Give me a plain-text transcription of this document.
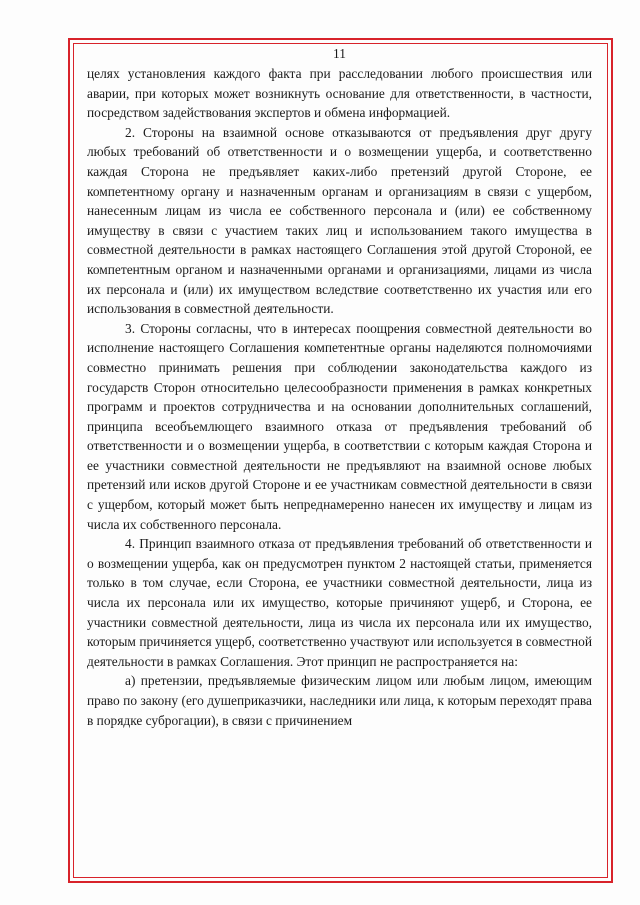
11

целях установления каждого факта при расследовании любого происшествия или аварии, при которых может возникнуть основание для ответственности, в частности, посредством задействования экспертов и обмена информацией.

2. Стороны на взаимной основе отказываются от предъявления друг другу любых требований об ответственности и о возмещении ущерба, и соответственно каждая Сторона не предъявляет каких-либо претензий другой Стороне, ее компетентному органу и назначенным органам и организациям в связи с ущербом, нанесенным лицам из числа ее собственного персонала и (или) ее собственному имуществу в связи с участием таких лиц и использованием такого имущества в совместной деятельности в рамках настоящего Соглашения этой другой Стороной, ее компетентным органом и назначенными органами и организациями, лицами из числа их персонала и (или) их имуществом вследствие соответственно их участия или его использования в совместной деятельности.

3. Стороны согласны, что в интересах поощрения совместной деятельности во исполнение настоящего Соглашения компетентные органы наделяются полномочиями совместно принимать решения при соблюдении законодательства каждого из государств Сторон относительно целесообразности применения в рамках конкретных программ и проектов сотрудничества и на основании дополнительных соглашений, принципа всеобъемлющего взаимного отказа от предъявления требований об ответственности и о возмещении ущерба, в соответствии с которым каждая Сторона и ее участники совместной деятельности не предъявляют на взаимной основе любых претензий или исков другой Стороне и ее участникам совместной деятельности в связи с ущербом, который может быть непреднамеренно нанесен их имуществу и лицам из числа их собственного персонала.

4. Принцип взаимного отказа от предъявления требований об ответственности и о возмещении ущерба, как он предусмотрен пунктом 2 настоящей статьи, применяется только в том случае, если Сторона, ее участники совместной деятельности, лица из числа их персонала или их имущество, которые причиняют ущерб, и Сторона, ее участники совместной деятельности, лица из числа их персонала или их имущество, которым причиняется ущерб, соответственно участвуют или используется в совместной деятельности в рамках Соглашения. Этот принцип не распространяется на:

а) претензии, предъявляемые физическим лицом или любым лицом, имеющим право по закону (его душеприказчики, наследники или лица, к которым переходят права в порядке суброгации), в связи с причинением
